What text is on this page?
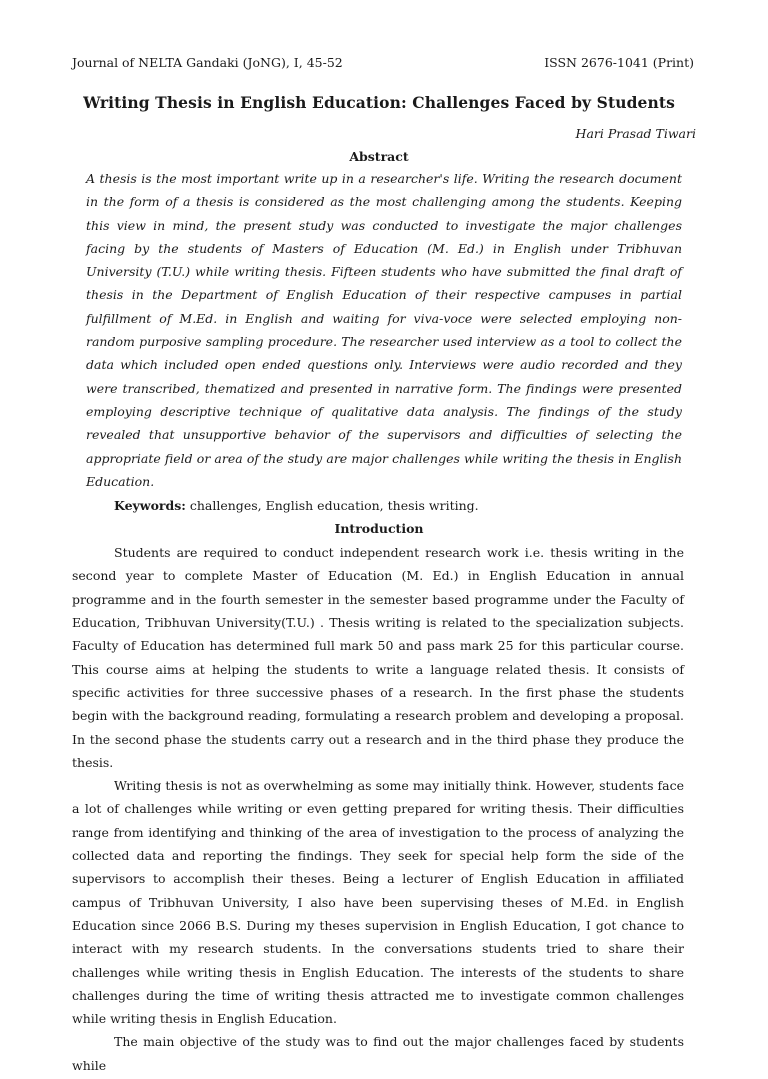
Journal of NELTA Gandaki (JoNG), I, 45-52	ISSN 2676-1041 (Print)
Writing Thesis in English Education: Challenges Faced by Students
Hari Prasad Tiwari
Abstract

A thesis is the most important write up in a researcher's life. Writing the research document in the form of a thesis is considered as the most challenging among the students. Keeping this view in mind, the present study was conducted to investigate the major challenges facing by the students of Masters of Education (M. Ed.) in English under Tribhuvan University (T.U.) while writing thesis. Fifteen students who have submitted the final draft of thesis in the Department of English Education of their respective campuses in partial fulfillment of M.Ed. in English and waiting for viva-voce were selected employing non-random purposive sampling procedure. The researcher used interview as a tool to collect the data which included open ended questions only. Interviews were audio recorded and they were transcribed, thematized and presented in narrative form. The findings were presented employing descriptive technique of qualitative data analysis. The findings of the study revealed that unsupportive behavior of the supervisors and difficulties of selecting the appropriate field or area of the study are major challenges while writing the thesis in English Education.

Keywords: challenges, English education, thesis writing.
Introduction

Students are required to conduct independent research work i.e. thesis writing in the second year to complete Master of Education (M. Ed.) in English Education in annual programme and in the fourth semester in the semester based programme under the Faculty of Education, Tribhuvan University(T.U.) . Thesis writing is related to the specialization subjects. Faculty of Education has determined full mark 50 and pass mark 25 for this particular course. This course aims at helping the students to write a language related thesis. It consists of specific activities for three successive phases of a research. In the first phase the students begin with the background reading, formulating a research problem and developing a proposal. In the second phase the students carry out a research and in the third phase they produce the thesis.

Writing thesis is not as overwhelming as some may initially think. However, students face a lot of challenges while writing or even getting prepared for writing thesis. Their difficulties range from identifying and thinking of the area of investigation to the process of analyzing the collected data and reporting the findings. They seek for special help form the side of the supervisors to accomplish their theses. Being a lecturer of English Education in affiliated campus of Tribhuvan University, I also have been supervising theses of M.Ed. in English Education since 2066 B.S. During my theses supervision in English Education, I got chance to interact with my research students. In the conversations students tried to share their challenges while writing thesis in English Education. The interests of the students to share challenges during the time of writing thesis attracted me to investigate common challenges while writing thesis in English Education.

The main objective of the study was to find out the major challenges faced by students while
